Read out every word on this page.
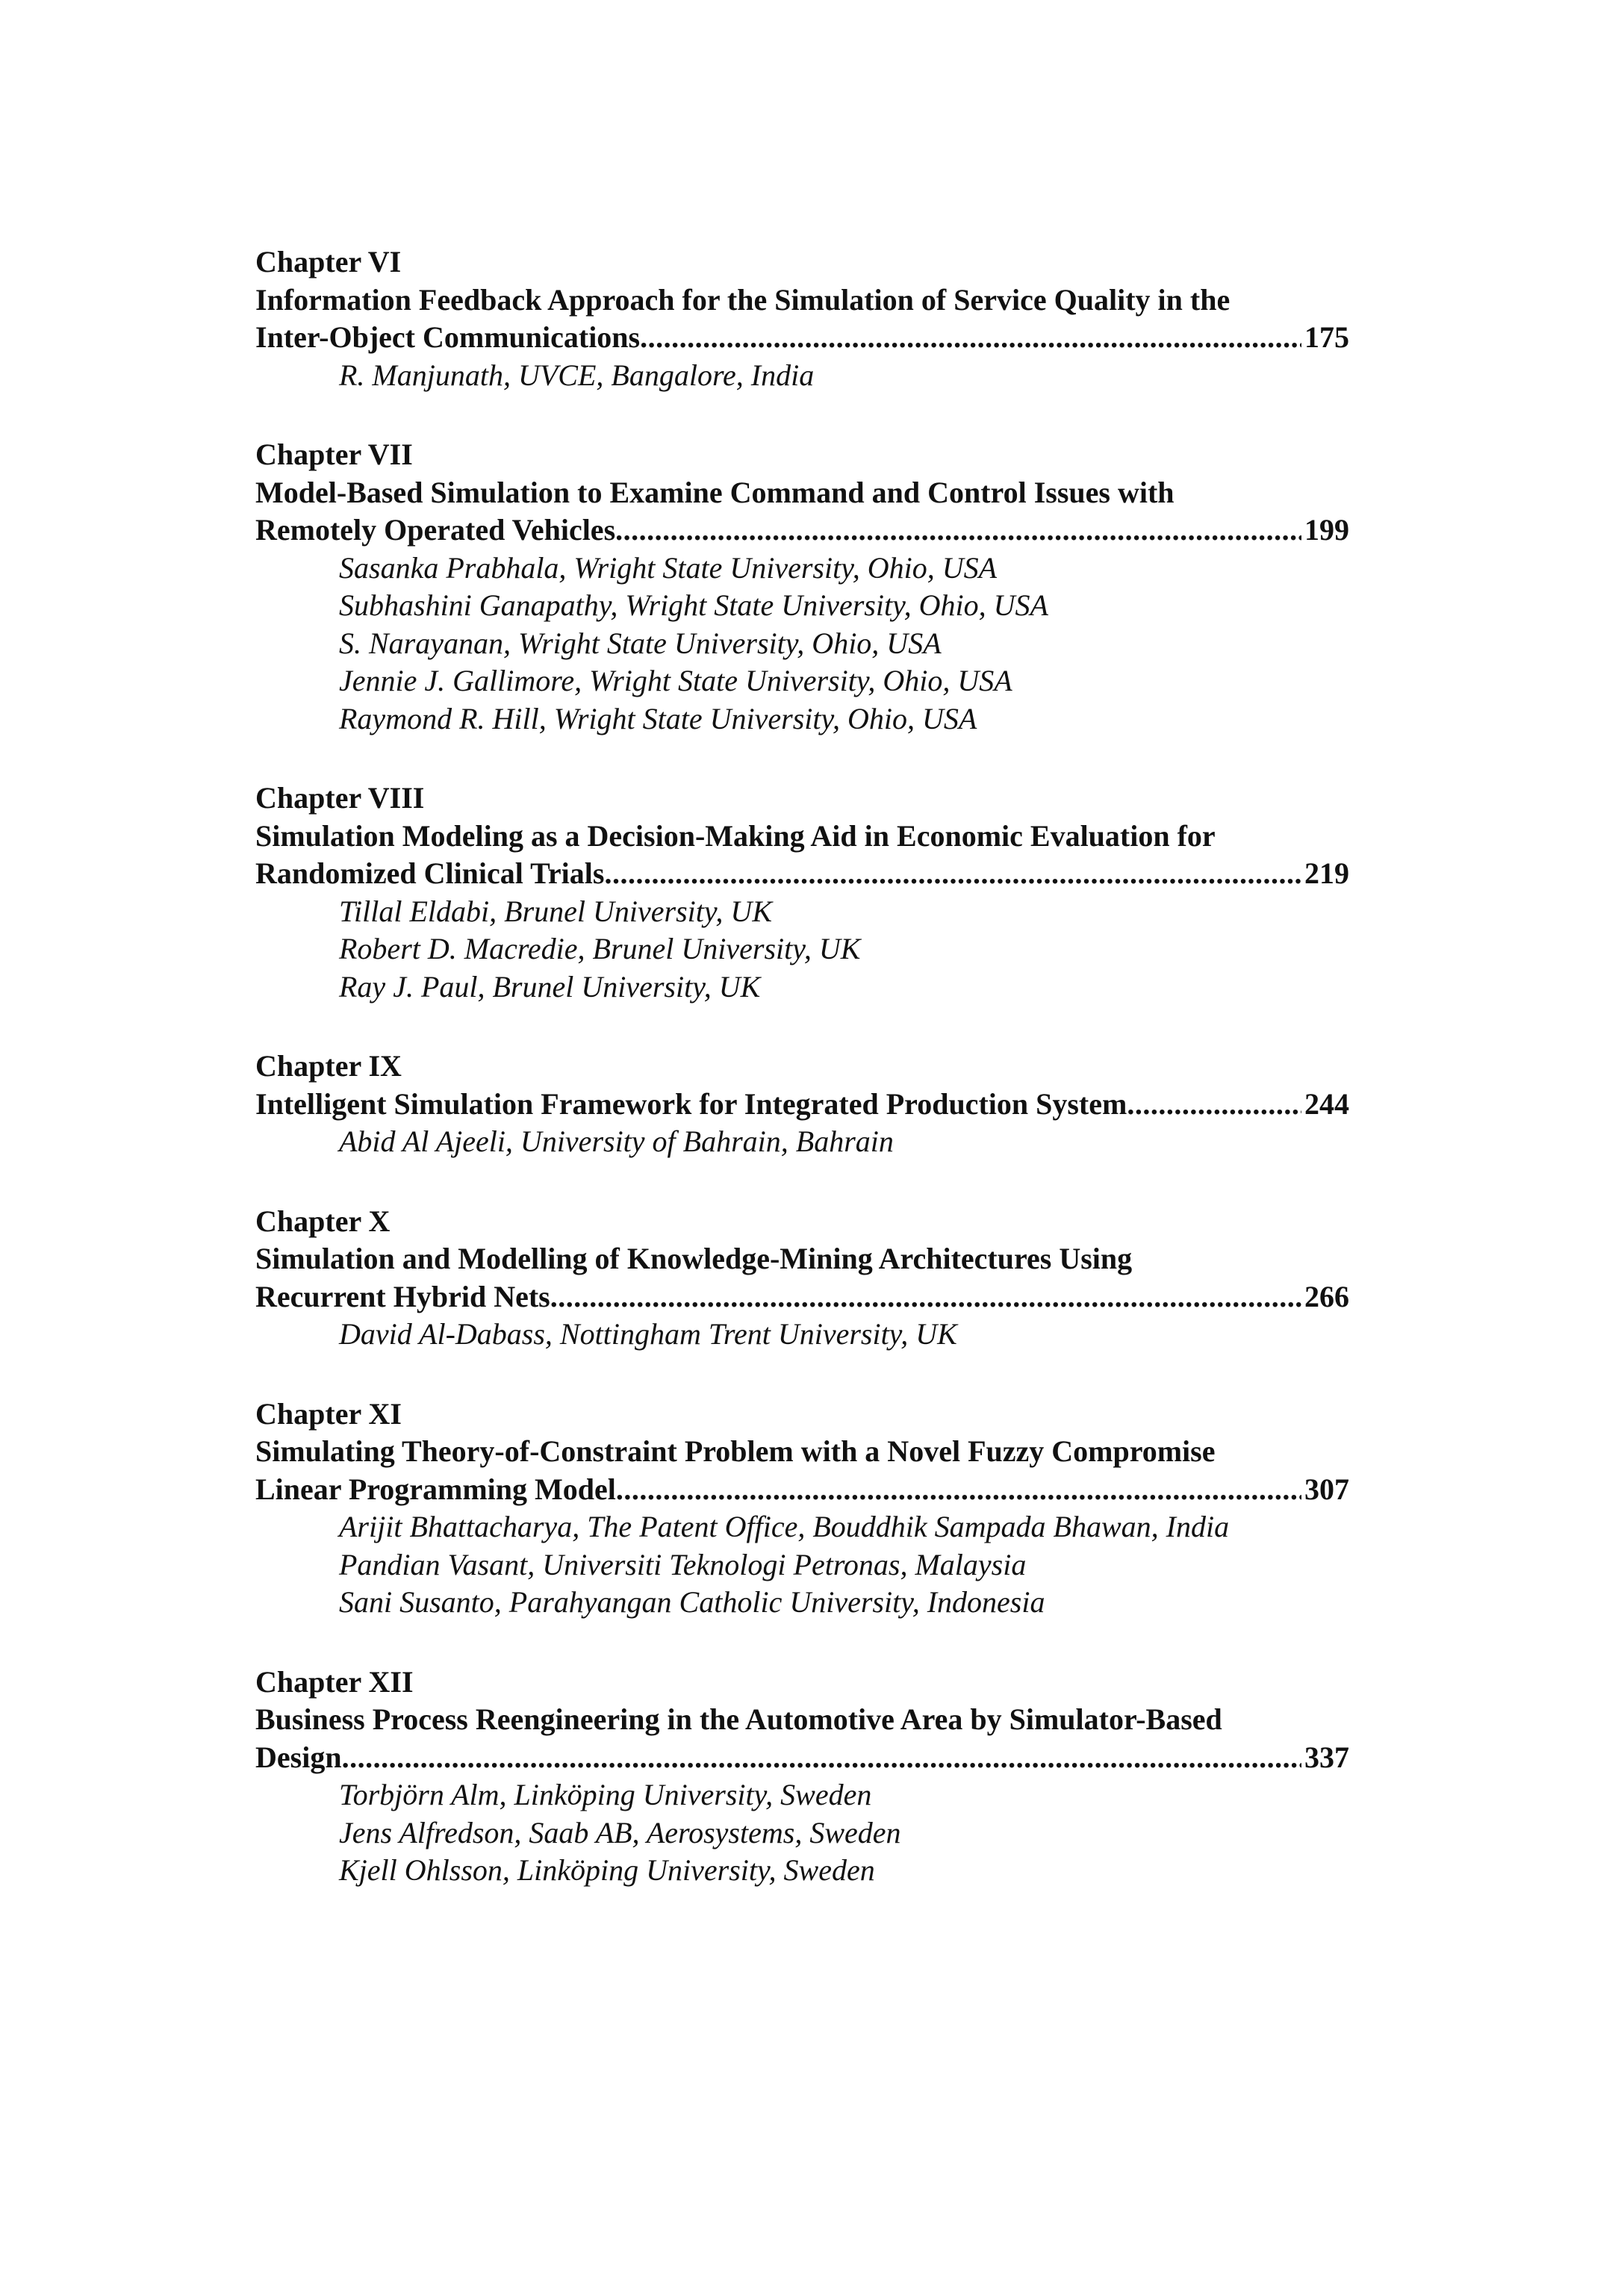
Chapter VI
Information Feedback Approach for the Simulation of Service Quality in the
Inter-Object Communications .....	175
R. Manjunath, UVCE, Bangalore, India
Chapter VII
Model-Based Simulation to Examine Command and Control Issues with
Remotely Operated Vehicles .....	199
Sasanka Prabhala, Wright State University, Ohio, USA
Subhashini Ganapathy, Wright State University, Ohio, USA
S. Narayanan, Wright State University, Ohio, USA
Jennie J. Gallimore, Wright State University, Ohio, USA
Raymond R. Hill, Wright State University, Ohio, USA
Chapter VIII
Simulation Modeling as a Decision-Making Aid in Economic Evaluation for
Randomized Clinical Trials .....	219
Tillal Eldabi, Brunel University, UK
Robert D. Macredie, Brunel University, UK
Ray J. Paul, Brunel University, UK
Chapter IX
Intelligent Simulation Framework for Integrated Production System .....	244
Abid Al Ajeeli, University of Bahrain, Bahrain
Chapter X
Simulation and Modelling of Knowledge-Mining Architectures Using
Recurrent Hybrid Nets .....	266
David Al-Dabass, Nottingham Trent University, UK
Chapter XI
Simulating Theory-of-Constraint Problem with a Novel Fuzzy Compromise
Linear Programming Model .....	307
Arijit Bhattacharya, The Patent Office, Bouddhik Sampada Bhawan, India
Pandian Vasant, Universiti Teknologi Petronas, Malaysia
Sani Susanto, Parahyangan Catholic University, Indonesia
Chapter XII
Business Process Reengineering in the Automotive Area by Simulator-Based
Design .....	337
Torbjörn Alm, Linköping University, Sweden
Jens Alfredson, Saab AB, Aerosystems, Sweden
Kjell Ohlsson, Linköping University, Sweden
